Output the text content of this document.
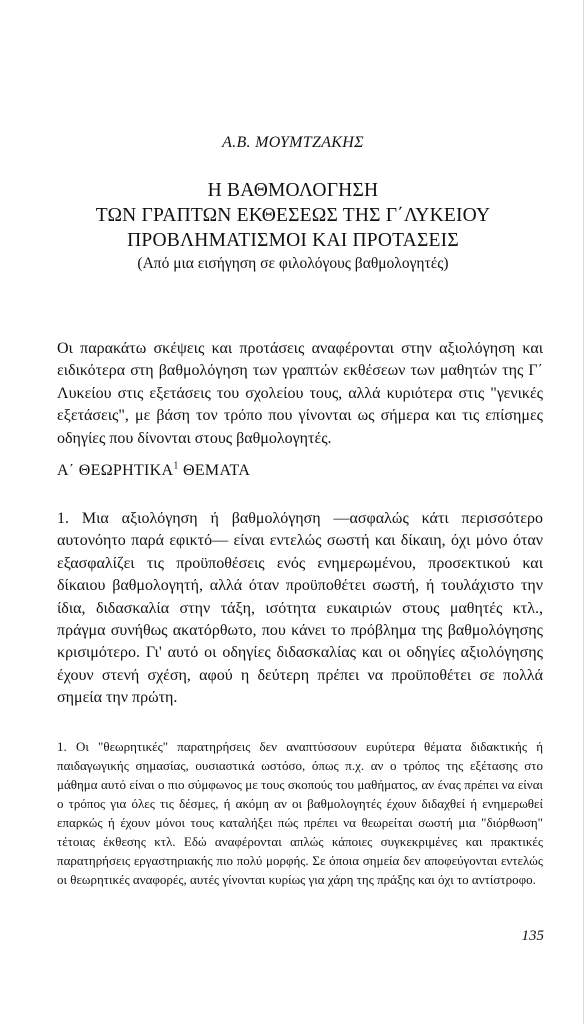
Α.Β. ΜΟΥΜΤΖΑΚΗΣ
Η ΒΑΘΜΟΛΟΓΗΣΗ
ΤΩΝ ΓΡΑΠΤΩΝ ΕΚΘΕΣΕΩΣ ΤΗΣ Γ΄ΛΥΚΕΙΟΥ
ΠΡΟΒΛΗΜΑΤΙΣΜΟΙ ΚΑΙ ΠΡΟΤΑΣΕΙΣ
(Από μια εισήγηση σε φιλολόγους βαθμολογητές)
Οι παρακάτω σκέψεις και προτάσεις αναφέρονται στην αξιολόγηση και ειδικότερα στη βαθμολόγηση των γραπτών εκθέσεων των μαθητών της Γ΄ Λυκείου στις εξετάσεις του σχολείου τους, αλλά κυριότερα στις "γενικές εξετάσεις", με βάση τον τρόπο που γίνονται ως σήμερα και τις επίσημες οδηγίες που δίνονται στους βαθμολογητές.
Α΄ ΘΕΩΡΗΤΙΚΑ$^1$ ΘΕΜΑΤΑ

1. Μια αξιολόγηση ή βαθμολόγηση —ασφαλώς κάτι περισσότερο αυτονόητο παρά εφικτό— είναι εντελώς σωστή και δίκαιη, όχι μόνο όταν εξασφαλίζει τις προϋποθέσεις ενός ενημερωμένου, προσεκτικού και δίκαιου βαθμολογητή, αλλά όταν προϋποθέτει σωστή, ή τουλάχιστο την ίδια, διδασκαλία στην τάξη, ισότητα ευκαιριών στους μαθητές κτλ., πράγμα συνήθως ακατόρθωτο, που κάνει το πρόβλημα της βαθμολόγησης κρισιμότερο. Γι' αυτό οι οδηγίες διδασκαλίας και οι οδηγίες αξιολόγησης έχουν στενή σχέση, αφού η δεύτερη πρέπει να προϋποθέτει σε πολλά σημεία την πρώτη.

1. Οι "θεωρητικές" παρατηρήσεις δεν αναπτύσσουν ευρύτερα θέματα διδακτικής ή παιδαγωγικής σημασίας, ουσιαστικά ωστόσο, όπως π.χ. αν ο τρόπος της εξέτασης στο μάθημα αυτό είναι ο πιο σύμφωνος με τους σκοπούς του μαθήματος, αν ένας πρέπει να είναι ο τρόπος για όλες τις δέσμες, ή ακόμη αν οι βαθμολογητές έχουν διδαχθεί ή ενημερωθεί επαρκώς ή έχουν μόνοι τους καταλήξει πώς πρέπει να θεωρείται σωστή μια "διόρθωση" τέτοιας έκθεσης κτλ. Εδώ αναφέρονται απλώς κάποιες συγκεκριμένες και πρακτικές παρατηρήσεις εργαστηριακής πιο πολύ μορφής. Σε όποια σημεία δεν αποφεύγονται εντελώς οι θεωρητικές αναφορές, αυτές γίνονται κυρίως για χάρη της πράξης και όχι το αντίστροφο.

135
